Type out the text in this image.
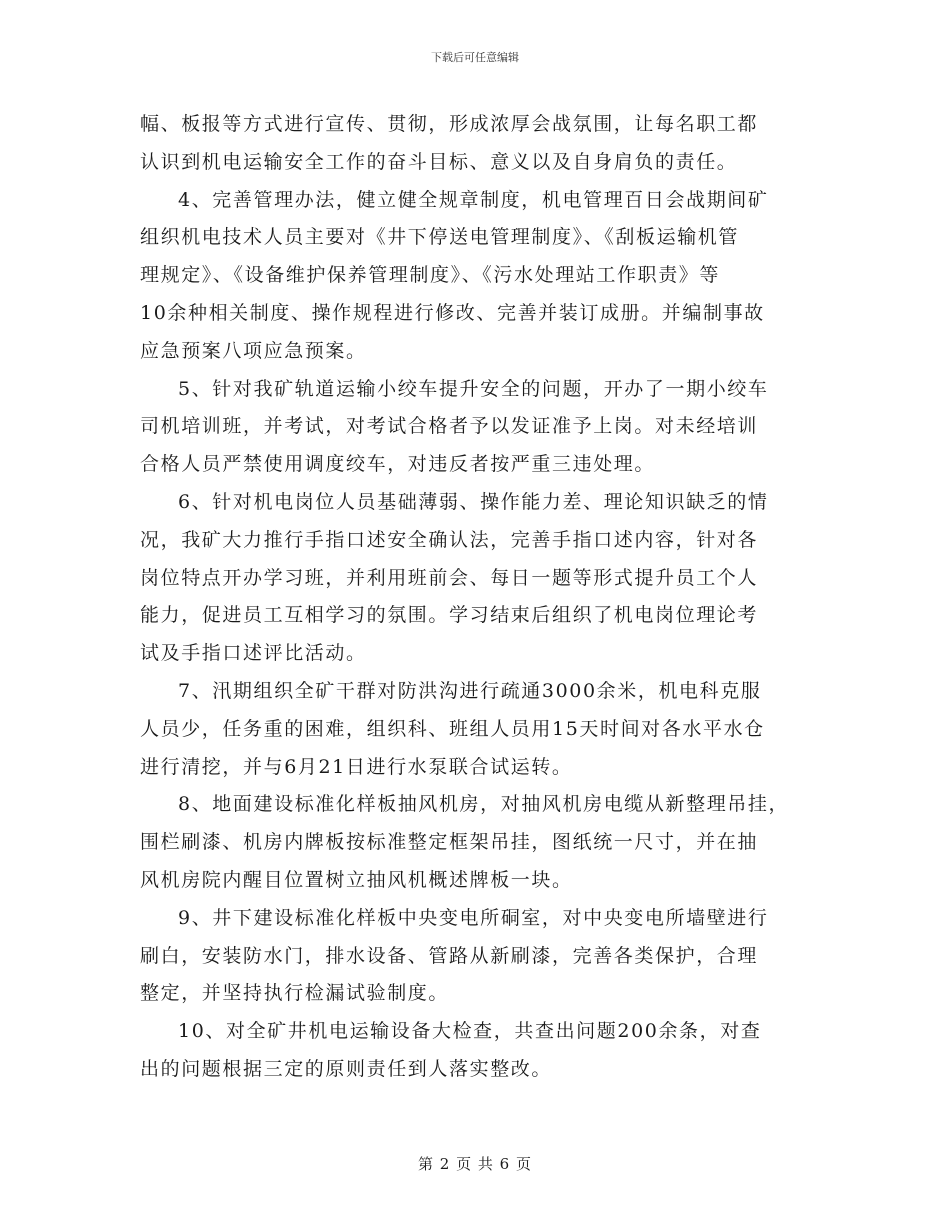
下载后可任意编辑
幅、板报等方式进行宣传、贯彻，形成浓厚会战氛围，让每名职工都
认识到机电运输安全工作的奋斗目标、意义以及自身肩负的责任。
4、完善管理办法，健立健全规章制度，机电管理百日会战期间矿
组织机电技术人员主要对《井下停送电管理制度》、《刮板运输机管
理规定》、《设备维护保养管理制度》、《污水处理站工作职责》等
10余种相关制度、操作规程进行修改、完善并装订成册。并编制事故
应急预案八项应急预案。
5、针对我矿轨道运输小绞车提升安全的问题，开办了一期小绞车
司机培训班，并考试，对考试合格者予以发证准予上岗。对未经培训
合格人员严禁使用调度绞车，对违反者按严重三违处理。
6、针对机电岗位人员基础薄弱、操作能力差、理论知识缺乏的情
况，我矿大力推行手指口述安全确认法，完善手指口述内容，针对各
岗位特点开办学习班，并利用班前会、每日一题等形式提升员工个人
能力，促进员工互相学习的氛围。学习结束后组织了机电岗位理论考
试及手指口述评比活动。
7、汛期组织全矿干群对防洪沟进行疏通3000余米，机电科克服
人员少，任务重的困难，组织科、班组人员用15天时间对各水平水仓
进行清挖，并与6月21日进行水泵联合试运转。
8、地面建设标准化样板抽风机房，对抽风机房电缆从新整理吊挂，
围栏刷漆、机房内牌板按标准整定框架吊挂，图纸统一尺寸，并在抽
风机房院内醒目位置树立抽风机概述牌板一块。
9、井下建设标准化样板中央变电所硐室，对中央变电所墙壁进行
刷白，安装防水门，排水设备、管路从新刷漆，完善各类保护，合理
整定，并坚持执行检漏试验制度。
10、对全矿井机电运输设备大检查，共查出问题200余条，对查
出的问题根据三定的原则责任到人落实整改。
第 2 页 共 6 页
